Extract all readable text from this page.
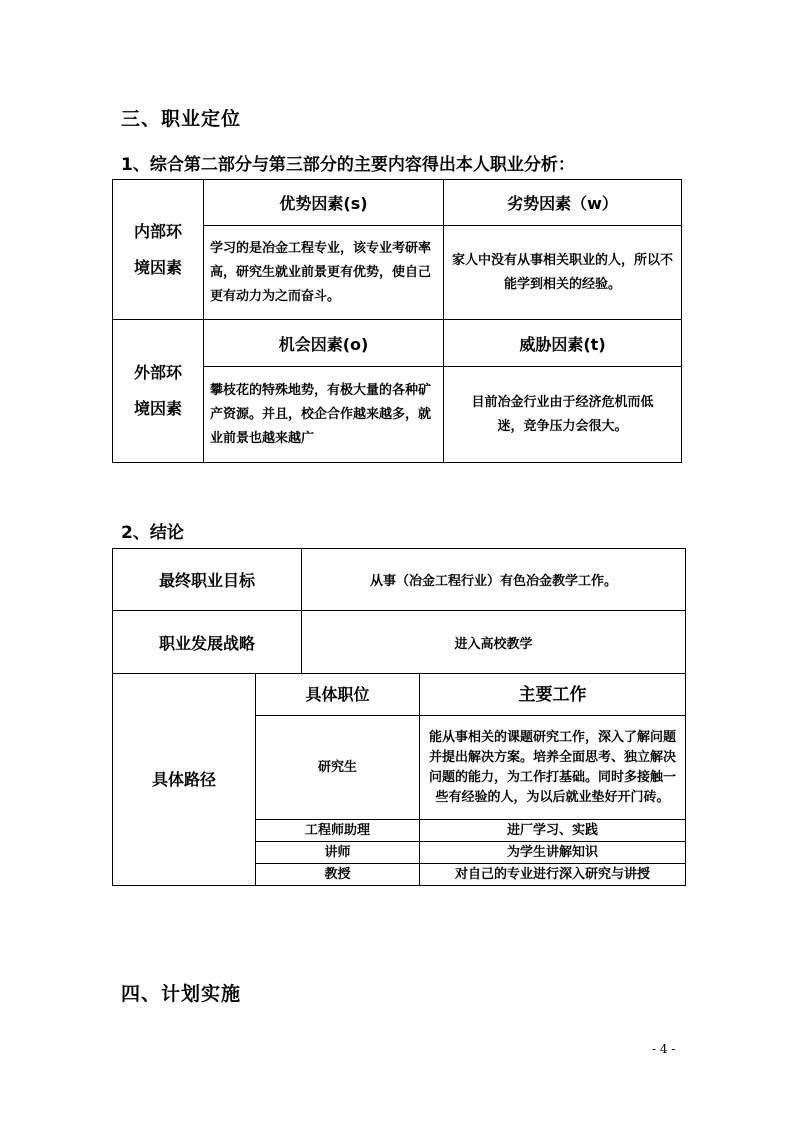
三、职业定位
1、综合第二部分与第三部分的主要内容得出本人职业分析：
内部环境因素	优势因素(s)	劣势因素（w）
	学习的是冶金工程专业，该专业考研率高，研究生就业前景更有优势，使自己更有动力为之而奋斗。	家人中没有从事相关职业的人，所以不能学到相关的经验。

外部环境因素	机会因素(o)	威胁因素(t)
	攀枝花的特殊地势，有极大量的各种矿产资源。并且，校企合作越来越多，就业前景也越来越广	目前冶金行业由于经济危机而低迷，竞争压力会很大。
2、结论
最终职业目标	从事（冶金工程行业）有色冶金教学工作。
职业发展战略	进入高校教学
具体路径	具体职位	主要工作
	研究生	能从事相关的课题研究工作，深入了解问题并提出解决方案。培养全面思考、独立解决问题的能力，为工作打基础。同时多接触一些有经验的人，为以后就业垫好开门砖。
	工程师助理	进厂学习、实践
	讲师	为学生讲解知识
	教授	对自己的专业进行深入研究与讲授
四、计划实施
- 4 -
